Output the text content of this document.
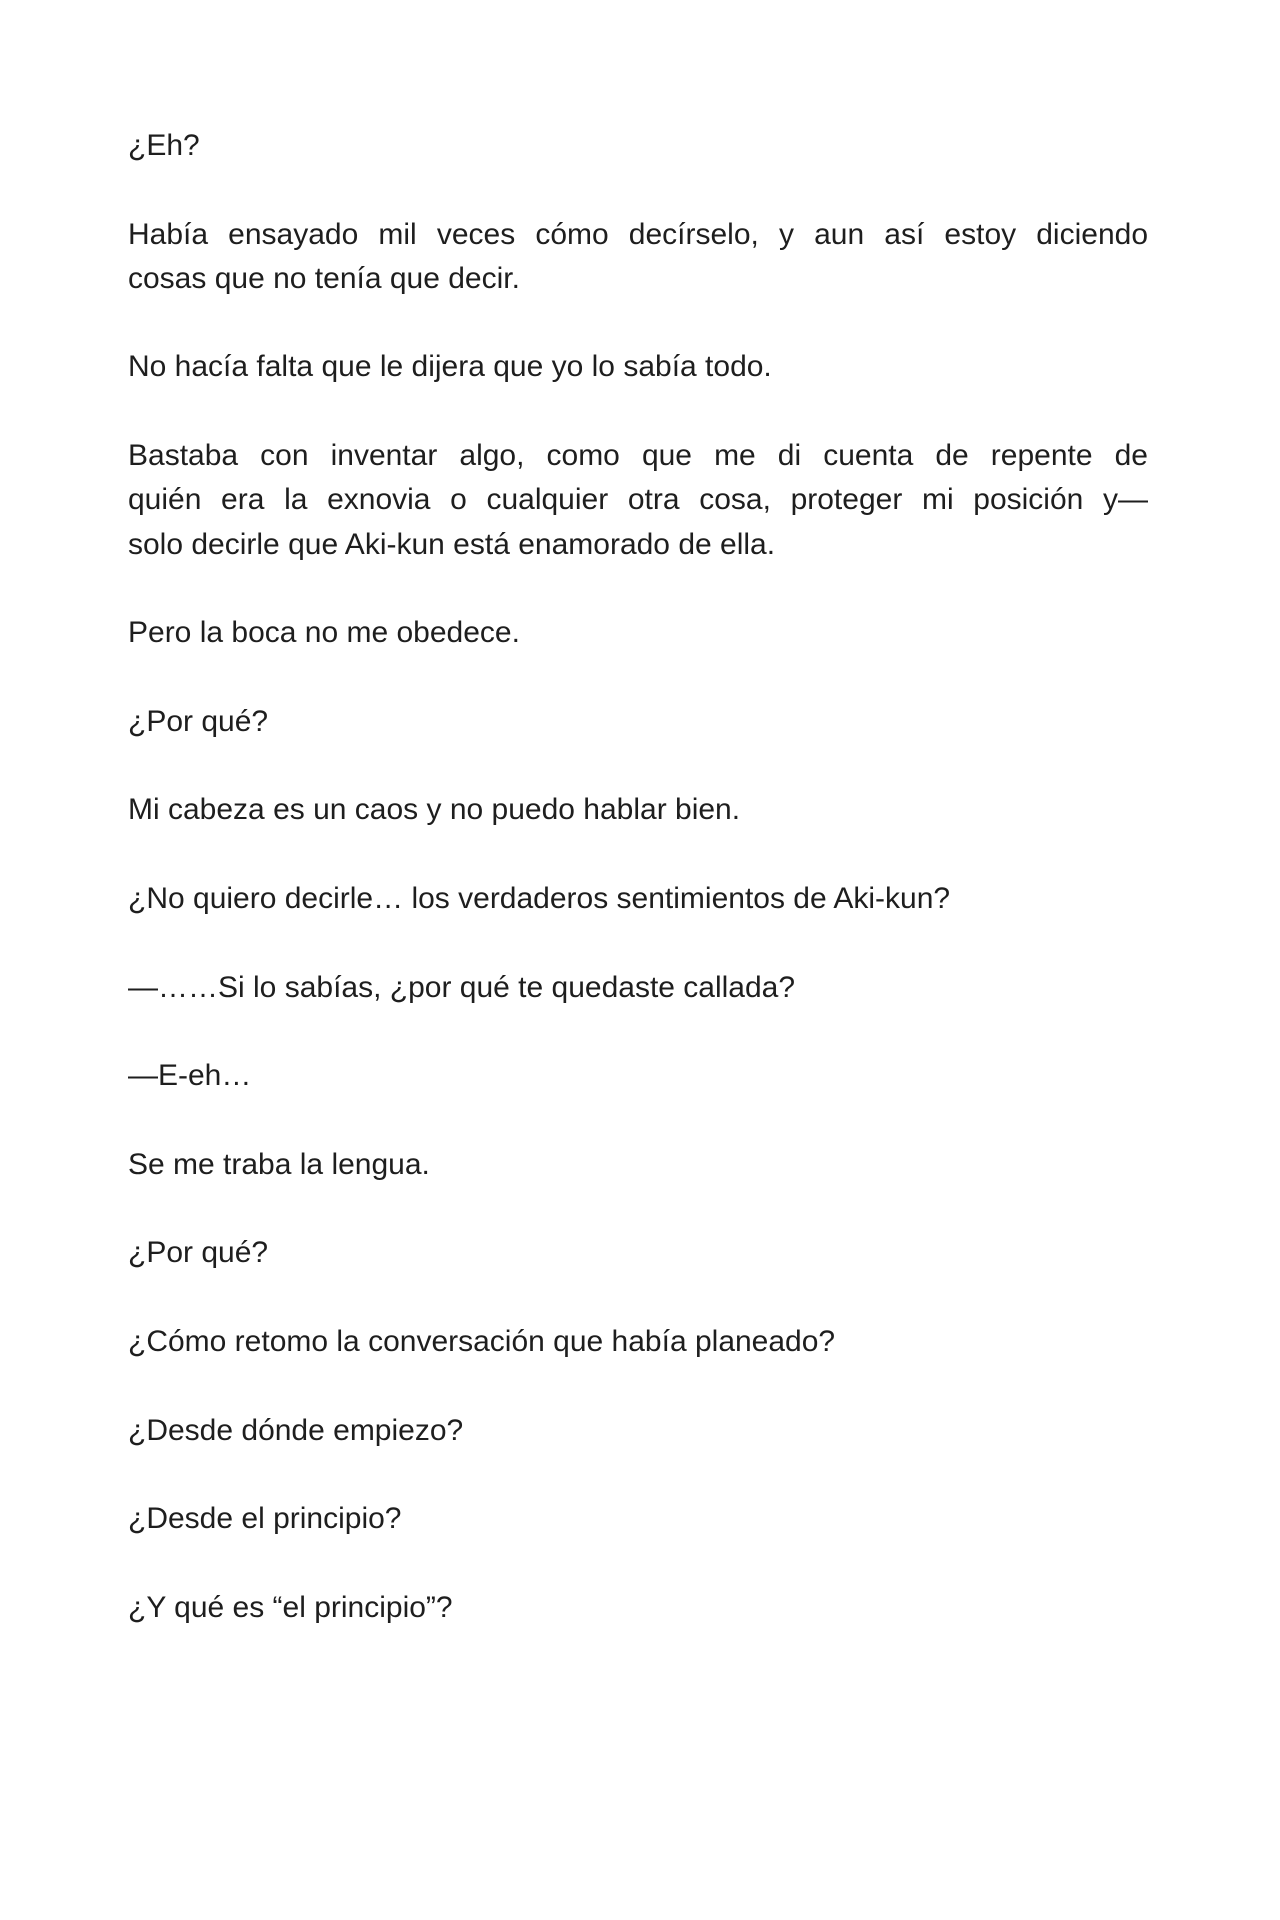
¿Eh?

Había ensayado mil veces cómo decírselo, y aun así estoy diciendo
cosas que no tenía que decir.

No hacía falta que le dijera que yo lo sabía todo.

Bastaba con inventar algo, como que me di cuenta de repente de
quién era la exnovia o cualquier otra cosa, proteger mi posición y—
solo decirle que Aki-kun está enamorado de ella.

Pero la boca no me obedece.

¿Por qué?

Mi cabeza es un caos y no puedo hablar bien.

¿No quiero decirle… los verdaderos sentimientos de Aki-kun?

—……Si lo sabías, ¿por qué te quedaste callada?

—E-eh…

Se me traba la lengua.

¿Por qué?

¿Cómo retomo la conversación que había planeado?

¿Desde dónde empiezo?

¿Desde el principio?

¿Y qué es “el principio”?
